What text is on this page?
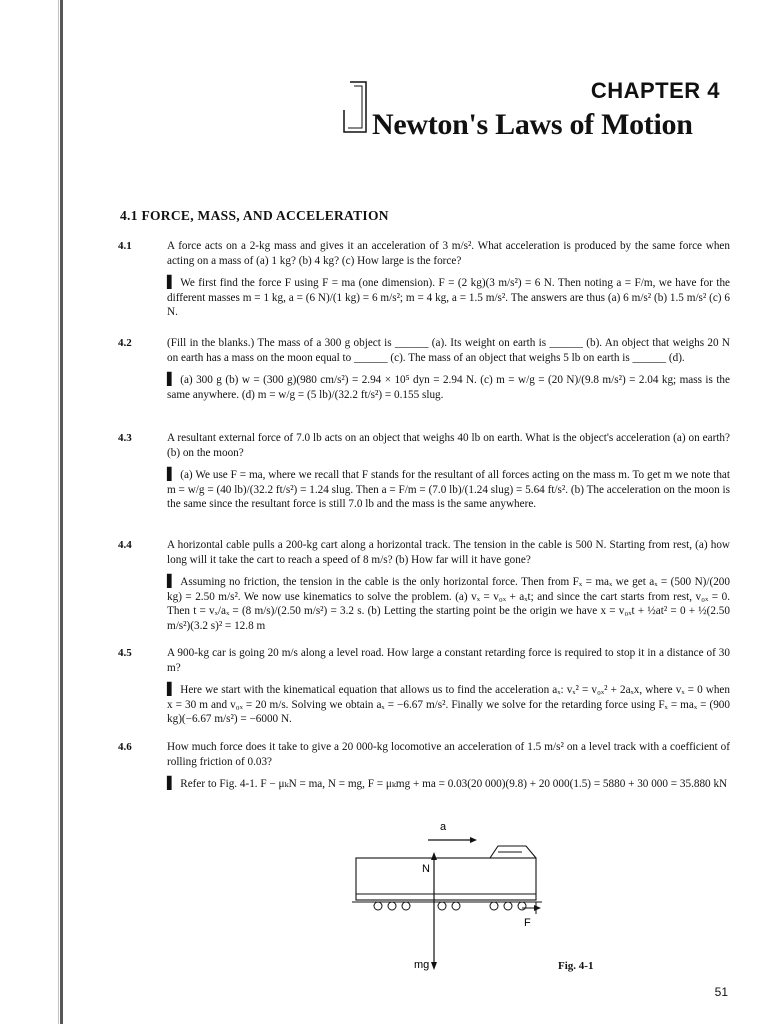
CHAPTER 4
Newton's Laws of Motion
4.1 FORCE, MASS, AND ACCELERATION
4.1	A force acts on a 2-kg mass and gives it an acceleration of 3 m/s². What acceleration is produced by the same force when acting on a mass of (a) 1 kg? (b) 4 kg? (c) How large is the force?

▌ We first find the force F using F = ma (one dimension). F = (2 kg)(3 m/s²) = 6 N. Then noting a = F/m, we have for the different masses m = 1 kg, a = (6 N)/(1 kg) = 6 m/s²; m = 4 kg, a = 1.5 m/s². The answers are thus (a) 6 m/s² (b) 1.5 m/s² (c) 6 N.

4.2	(Fill in the blanks.) The mass of a 300 g object is ______ (a). Its weight on earth is ______ (b). An object that weighs 20 N on earth has a mass on the moon equal to ______ (c). The mass of an object that weighs 5 lb on earth is ______ (d).

▌ (a) 300 g (b) w = (300 g)(980 cm/s²) = 2.94 × 10⁵ dyn = 2.94 N. (c) m = w/g = (20 N)/(9.8 m/s²) = 2.04 kg; mass is the same anywhere. (d) m = w/g = (5 lb)/(32.2 ft/s²) = 0.155 slug.

4.3	A resultant external force of 7.0 lb acts on an object that weighs 40 lb on earth. What is the object's acceleration (a) on earth? (b) on the moon?

▌ (a) We use F = ma, where we recall that F stands for the resultant of all forces acting on the mass m. To get m we note that m = w/g = (40 lb)/(32.2 ft/s²) = 1.24 slug. Then a = F/m = (7.0 lb)/(1.24 slug) = 5.64 ft/s². (b) The acceleration on the moon is the same since the resultant force is still 7.0 lb and the mass is the same anywhere.

4.4	A horizontal cable pulls a 200-kg cart along a horizontal track. The tension in the cable is 500 N. Starting from rest, (a) how long will it take the cart to reach a speed of 8 m/s? (b) How far will it have gone?

▌ Assuming no friction, the tension in the cable is the only horizontal force. Then from Fₓ = maₓ we get aₓ = (500 N)/(200 kg) = 2.50 m/s². We now use kinematics to solve the problem. (a) vₓ = v₀ₓ + aₓt; and since the cart starts from rest, v₀ₓ = 0. Then t = vₓ/aₓ = (8 m/s)/(2.50 m/s²) = 3.2 s. (b) Letting the starting point be the origin we have x = v₀ₓt + ½at² = 0 + ½(2.50 m/s²)(3.2 s)² = 12.8 m

4.5	A 900-kg car is going 20 m/s along a level road. How large a constant retarding force is required to stop it in a distance of 30 m?

▌ Here we start with the kinematical equation that allows us to find the acceleration aₓ: vₓ² = v₀ₓ² + 2aₓx, where vₓ = 0 when x = 30 m and v₀ₓ = 20 m/s. Solving we obtain aₓ = −6.67 m/s². Finally we solve for the retarding force using Fₓ = maₓ = (900 kg)(−6.67 m/s²) = −6000 N.

4.6	How much force does it take to give a 20 000-kg locomotive an acceleration of 1.5 m/s² on a level track with a coefficient of rolling friction of 0.03?

▌ Refer to Fig. 4-1. F − μₖN = ma, N = mg, F = μₖmg + ma = 0.03(20 000)(9.8) + 20 000(1.5) = 5880 + 30 000 = 35.880 kN

a
N
F
mg	Fig. 4-1
51
